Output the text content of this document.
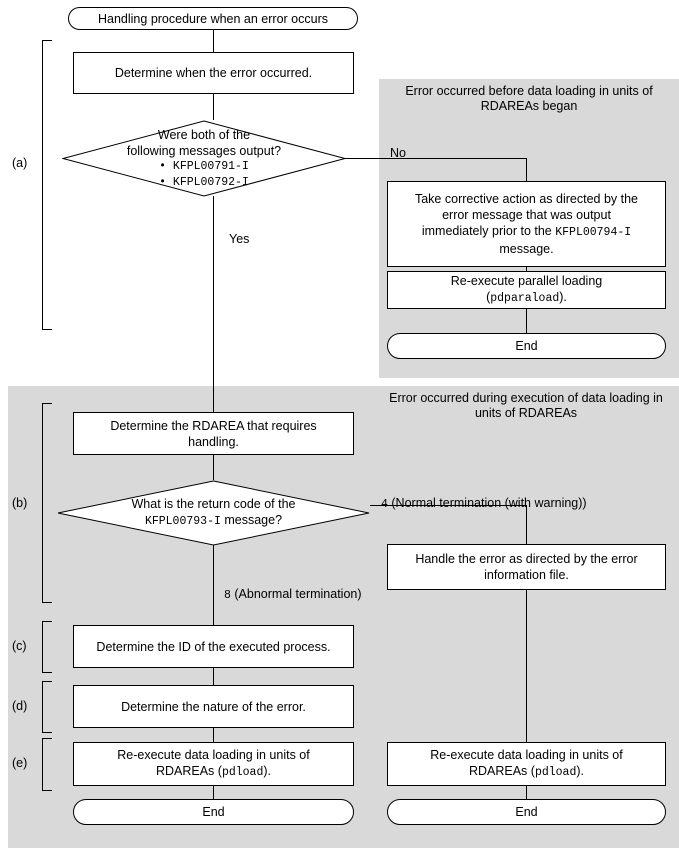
Error occurred before data loading in units of RDAREAs began
Error occurred during execution of data loading in units of RDAREAs
Handling procedure when an error occurs
Determine when the error occurred.
Were both of the
following messages output?
• KFPL00791-I
• KFPL00792-I
No
Yes
Take corrective action as directed by the
error message that was output
immediately prior to the KFPL00794-I
message.
Re-execute parallel loading
(pdparaload).
End
Determine the RDAREA that requires
handling.
What is the return code of the
KFPL00793-I message?
4 (Normal termination (with warning))
8 (Abnormal termination)
Handle the error as directed by the error
information file.
Determine the ID of the executed process.
Determine the nature of the error.
Re-execute data loading in units of
RDAREAs (pdload).
Re-execute data loading in units of
RDAREAs (pdload).
End	End
(a)
(b)
(c)
(d)
(e)
